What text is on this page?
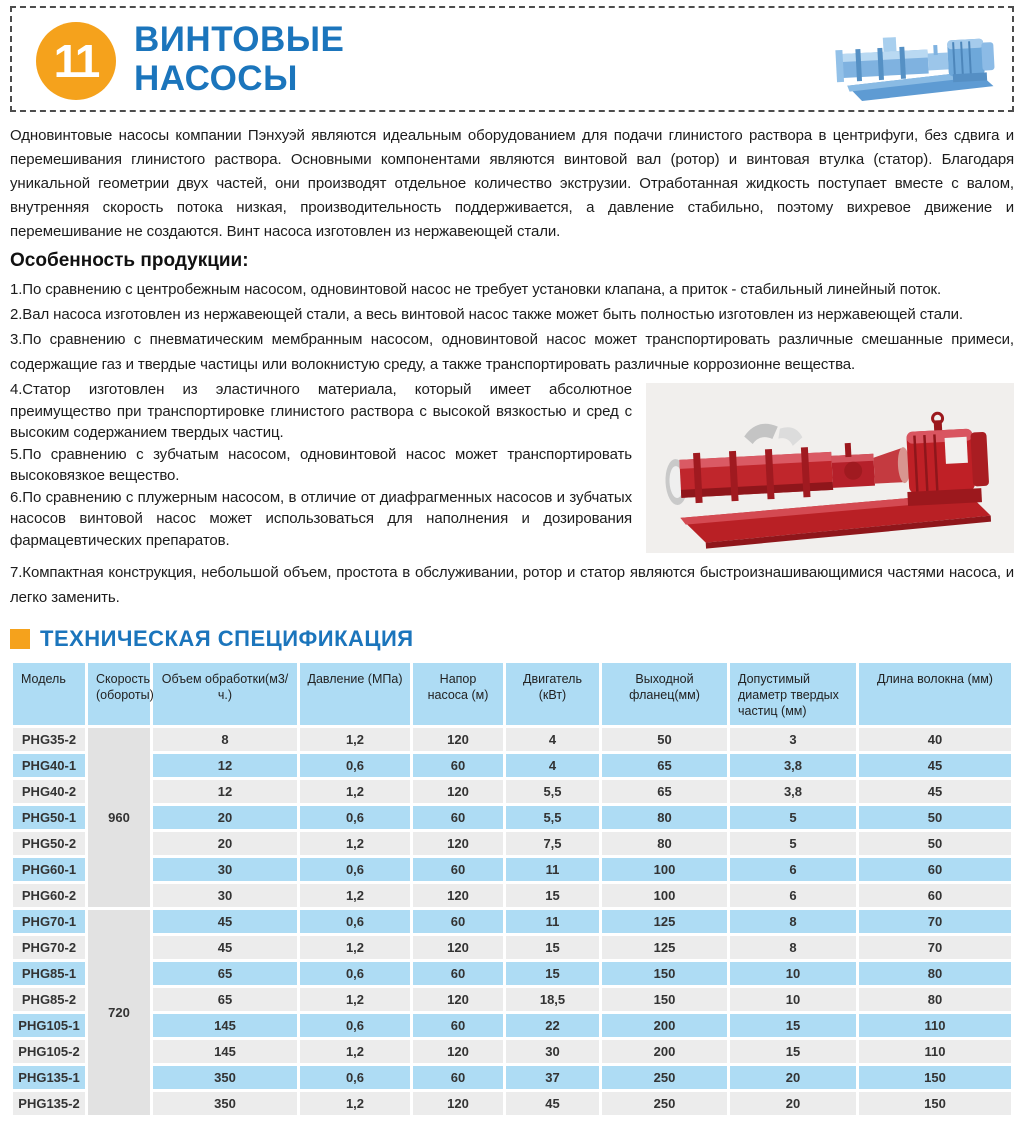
11 ВИНТОВЫЕ
НАСОСЫ

Одновинтовые насосы компании Пэнхуэй являются идеальным оборудованием для подачи глинистого раствора в центрифуги, без сдвига и перемешивания глинистого раствора. Основными компонентами являются винтовой вал (ротор) и винтовая втулка (статор). Благодаря уникальной геометрии двух частей, они производят отдельное количество экструзии. Отработанная жидкость поступает вместе с валом, внутренняя скорость потока низкая, производительность поддерживается, а давление стабильно, поэтому вихревое движение и перемешивание не создаются. Винт насоса изготовлен из нержавеющей стали.

Особенность продукции:

1.По сравнению с центробежным насосом, одновинтовой насос не требует установки клапана, а приток - стабильный линейный поток.

2.Вал насоса изготовлен из нержавеющей стали, а весь винтовой насос также может быть полностью изготовлен из нержавеющей стали.

3.По сравнению с пневматическим мембранным насосом, одновинтовой насос может транспортировать различные смешанные примеси, содержащие газ и твердые частицы или волокнистую среду, а также транспортировать различные коррозионне вещества.

4.Статор изготовлен из эластичного материала, который имеет абсолютное преимущество при транспортировке глинистого раствора с высокой вязкостью и сред с высоким содержанием твердых частиц.

5.По сравнению с зубчатым насосом, одновинтовой насос может транспортировать высоковязкое вещество.

6.По сравнению с плужерным насосом, в отличие от диафрагменных насосов и зубчатых насосов винтовой насос может использоваться для наполнения и дозирования фармацевтических препаратов.

7.Компактная конструкция, небольшой объем, простота в обслуживании, ротор и статор являются быстроизнашивающимися частями насоса, и легко заменить.

ТЕХНИЧЕСКАЯ СПЕЦИФИКАЦИЯ
Модель	Скорость (обороты)	Объем обработки(м3/ч.)	Давление (МПа)	Напор насоса (м)	Двигатель (кВт)	Выходной фланец(мм)	Допустимый диаметр твердых частиц (мм)	Длина волокна (мм)
PHG35-2	960	8	1,2	120	4	50	3	40
PHG40-1		12	0,6	60	4	65	3,8	45
PHG40-2		12	1,2	120	5,5	65	3,8	45
PHG50-1		20	0,6	60	5,5	80	5	50
PHG50-2		20	1,2	120	7,5	80	5	50
PHG60-1		30	0,6	60	11	100	6	60
PHG60-2		30	1,2	120	15	100	6	60
PHG70-1	720	45	0,6	60	11	125	8	70
PHG70-2		45	1,2	120	15	125	8	70
PHG85-1		65	0,6	60	15	150	10	80
PHG85-2		65	1,2	120	18,5	150	10	80
PHG105-1		145	0,6	60	22	200	15	110
PHG105-2		145	1,2	120	30	200	15	110
PHG135-1		350	0,6	60	37	250	20	150
PHG135-2		350	1,2	120	45	250	20	150
